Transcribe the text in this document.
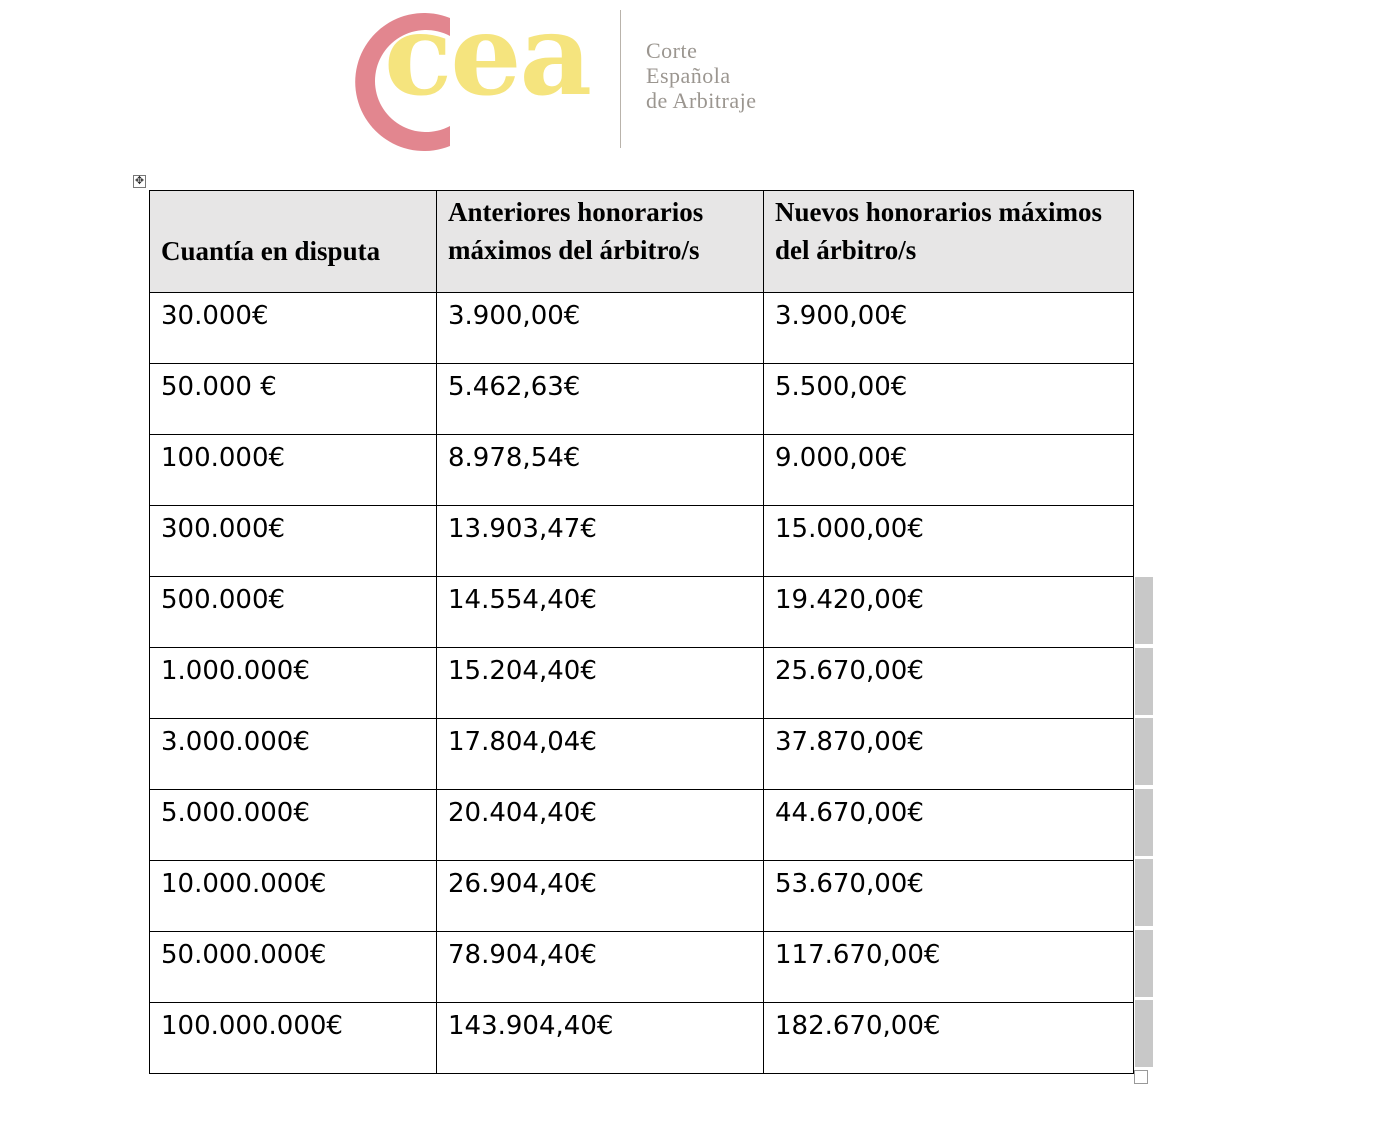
cea	Corte
Española
de Arbitraje
✥
Cuantía en disputa	Anteriores honorarios máximos del árbitro/s	Nuevos honorarios máximos del árbitro/s
30.000€	3.900,00€	3.900,00€
50.000 €	5.462,63€	5.500,00€
100.000€	8.978,54€	9.000,00€
300.000€	13.903,47€	15.000,00€
500.000€	14.554,40€	19.420,00€
1.000.000€	15.204,40€	25.670,00€
3.000.000€	17.804,04€	37.870,00€
5.000.000€	20.404,40€	44.670,00€
10.000.000€	26.904,40€	53.670,00€
50.000.000€	78.904,40€	117.670,00€
100.000.000€	143.904,40€	182.670,00€
